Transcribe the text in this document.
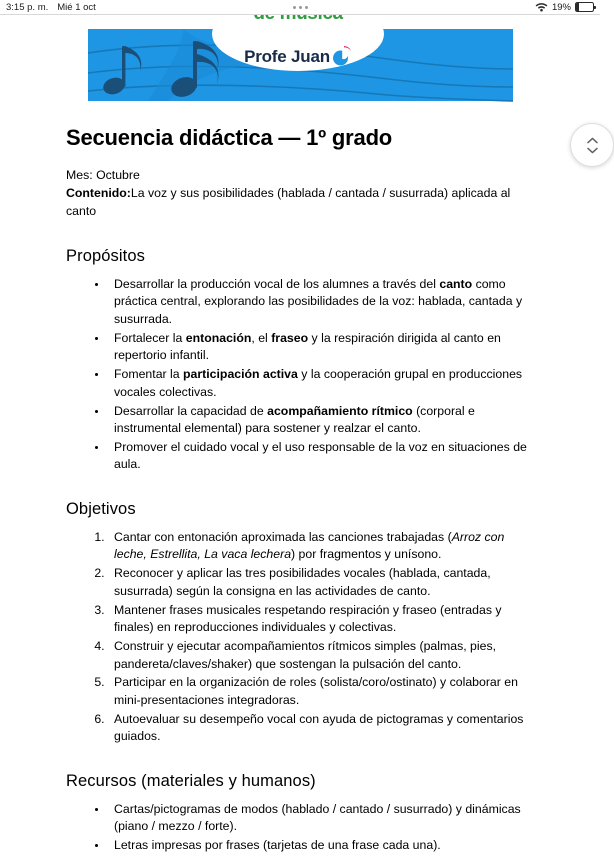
3:15 p. m. Mié 1 oct	19%
Profe Juan
Secuencia didáctica — 1º grado

Mes: Octubre

Contenido:La voz y sus posibilidades (hablada / cantada / susurrada) aplicada al canto

Propósitos
• Desarrollar la producción vocal de los alumnes a través del canto como práctica central, explorando las posibilidades de la voz: hablada, cantada y susurrada.
• Fortalecer la entonación, el fraseo y la respiración dirigida al canto en repertorio infantil.
• Fomentar la participación activa y la cooperación grupal en producciones vocales colectivas.
• Desarrollar la capacidad de acompañamiento rítmico (corporal e instrumental elemental) para sostener y realzar el canto.
• Promover el cuidado vocal y el uso responsable de la voz en situaciones de aula.
Objetivos
1. Cantar con entonación aproximada las canciones trabajadas (Arroz con leche, Estrellita, La vaca lechera) por fragmentos y unísono.
2. Reconocer y aplicar las tres posibilidades vocales (hablada, cantada, susurrada) según la consigna en las actividades de canto.
3. Mantener frases musicales respetando respiración y fraseo (entradas y finales) en reproducciones individuales y colectivas.
4. Construir y ejecutar acompañamientos rítmicos simples (palmas, pies, pandereta/claves/shaker) que sostengan la pulsación del canto.
5. Participar en la organización de roles (solista/coro/ostinato) y colaborar en mini-presentaciones integradoras.
6. Autoevaluar su desempeño vocal con ayuda de pictogramas y comentarios guiados.
Recursos (materiales y humanos)
• Cartas/pictogramas de modos (hablado / cantado / susurrado) y dinámicas (piano / mezzo / forte).
• Letras impresas por frases (tarjetas de una frase cada una).
